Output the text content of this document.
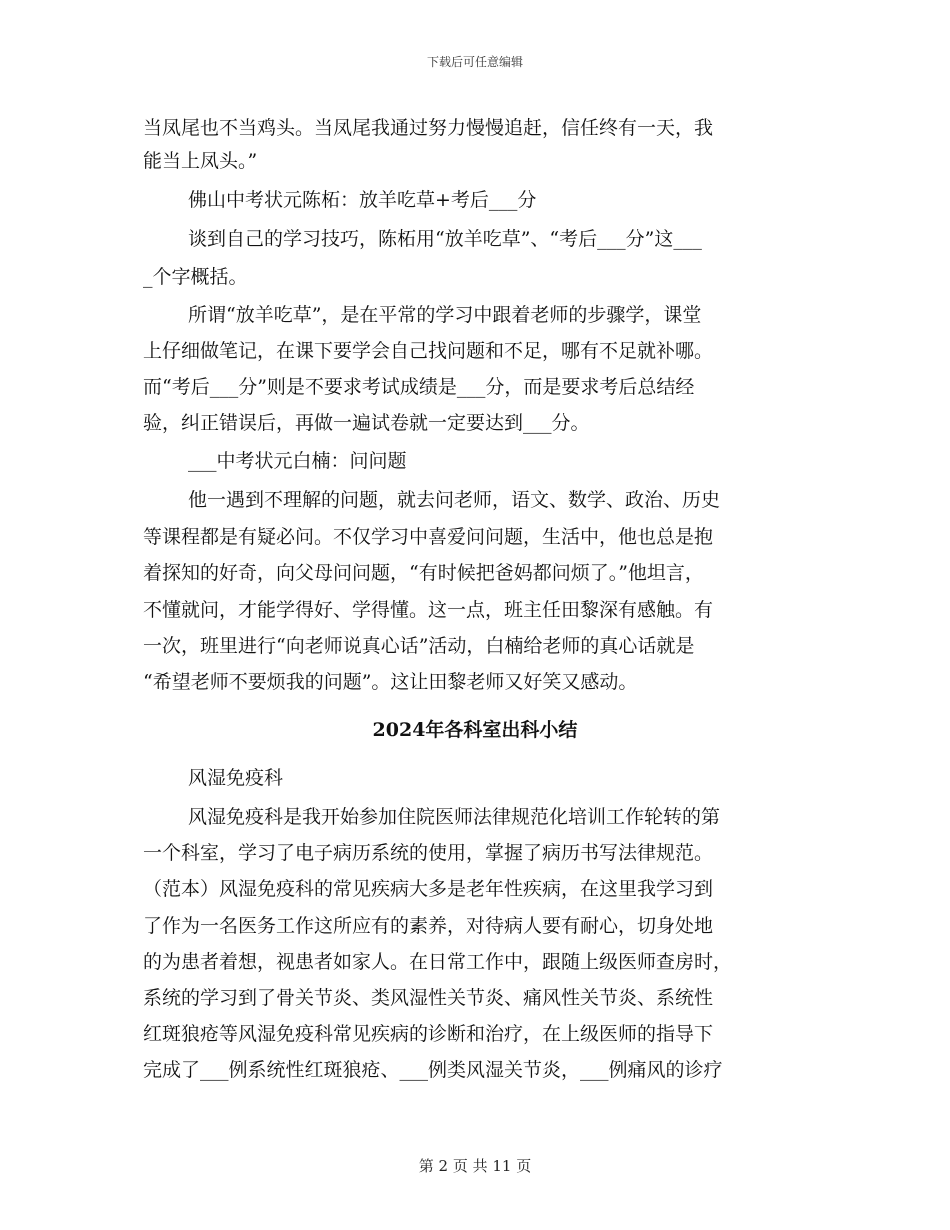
下载后可任意编辑
当凤尾也不当鸡头。当凤尾我通过努力慢慢追赶，信任终有一天，我
能当上凤头。”
佛山中考状元陈柘：放羊吃草+考后___分
谈到自己的学习技巧，陈柘用“放羊吃草”、“考后___分”这___
_个字概括。
所谓“放羊吃草”，是在平常的学习中跟着老师的步骤学，课堂
上仔细做笔记，在课下要学会自己找问题和不足，哪有不足就补哪。
而“考后___分”则是不要求考试成绩是___分，而是要求考后总结经
验，纠正错误后，再做一遍试卷就一定要达到___分。
___中考状元白楠：问问题
他一遇到不理解的问题，就去问老师，语文、数学、政治、历史
等课程都是有疑必问。不仅学习中喜爱问问题，生活中，他也总是抱
着探知的好奇，向父母问问题，“有时候把爸妈都问烦了。”他坦言，
不懂就问，才能学得好、学得懂。这一点，班主任田黎深有感触。有
一次，班里进行“向老师说真心话”活动，白楠给老师的真心话就是
“希望老师不要烦我的问题”。这让田黎老师又好笑又感动。
2024年各科室出科小结
风湿免疫科
风湿免疫科是我开始参加住院医师法律规范化培训工作轮转的第
一个科室，学习了电子病历系统的使用，掌握了病历书写法律规范。
（范本）风湿免疫科的常见疾病大多是老年性疾病，在这里我学习到
了作为一名医务工作这所应有的素养，对待病人要有耐心，切身处地
的为患者着想，视患者如家人。在日常工作中，跟随上级医师查房时，
系统的学习到了骨关节炎、类风湿性关节炎、痛风性关节炎、系统性
红斑狼疮等风湿免疫科常见疾病的诊断和治疗，在上级医师的指导下
完成了___例系统性红斑狼疮、___例类风湿关节炎，___例痛风的诊疗
第 2 页 共 11 页
